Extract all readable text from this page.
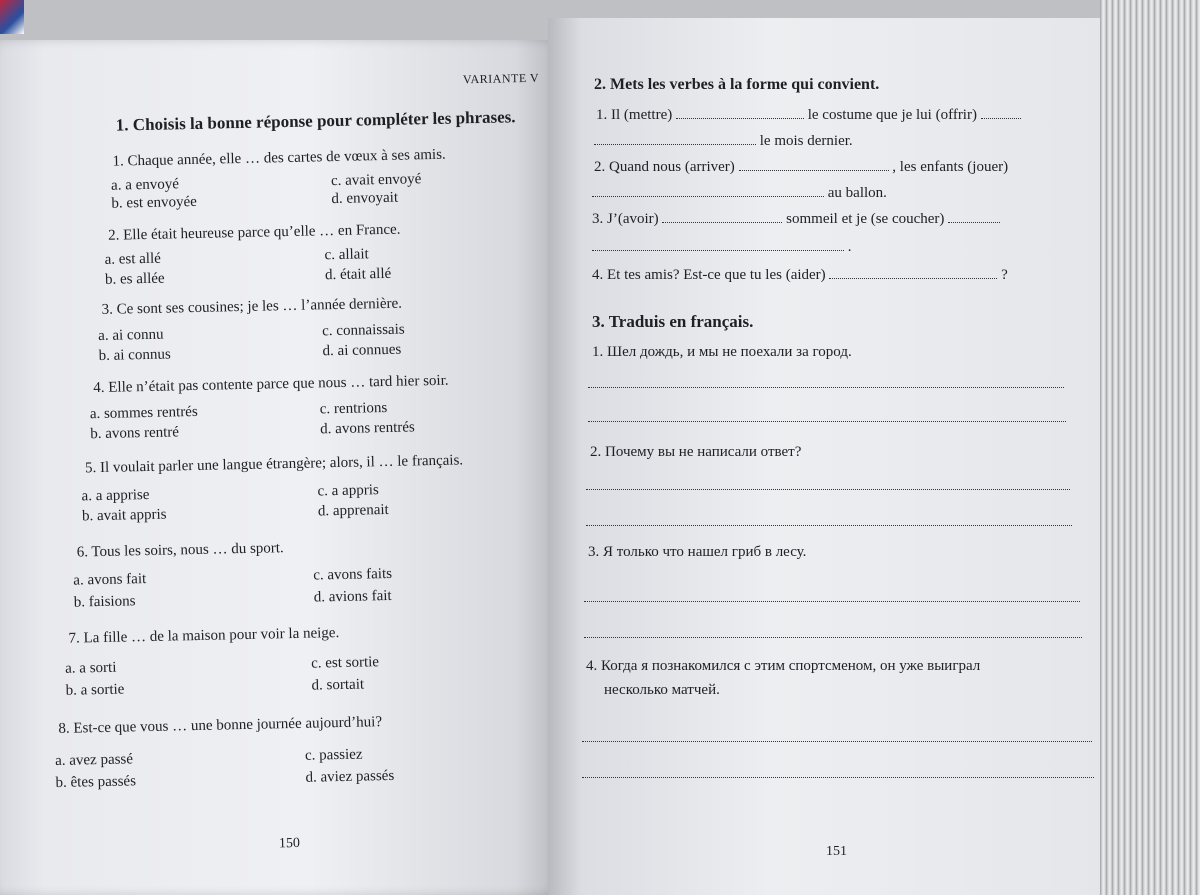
VARIANTE V
1. Choisis la bonne réponse pour compléter les phrases.
1. Chaque année, elle … des cartes de vœux à ses amis.
a. a envoyé
b. est envoyée
c. avait envoyé
d. envoyait
2. Elle était heureuse parce qu’elle … en France.
a. est allé
b. es allée
c. allait
d. était allé
3. Ce sont ses cousines; je les … l’année dernière.
a. ai connu
b. ai connus
c. connaissais
d. ai connues
4. Elle n’était pas contente parce que nous … tard hier soir.
a. sommes rentrés
b. avons rentré
c. rentrions
d. avons rentrés
5. Il voulait parler une langue étrangère; alors, il … le français.
a. a apprise
b. avait appris
c. a appris
d. apprenait
6. Tous les soirs, nous … du sport.
a. avons fait
b. faisions
c. avons faits
d. avions fait
7. La fille … de la maison pour voir la neige.
a. a sorti
b. a sortie
c. est sortie
d. sortait
8. Est-ce que vous … une bonne journée aujourd’hui?
a. avez passé
b. êtes passés
c. passiez
d. aviez passés
150
2. Mets les verbes à la forme qui convient.
1. Il (mettre)	le costume que je lui (offrir)
le mois dernier.
2. Quand nous (arriver)	, les enfants (jouer)
au ballon.
3. J’(avoir)	sommeil et je (se coucher)
.
4. Et tes amis? Est-ce que tu les (aider)	?
3. Traduis en français.
1. Шел дождь, и мы не поехали за город.
2. Почему вы не написали ответ?
3. Я только что нашел гриб в лесу.
4. Когда я познакомился с этим спортсменом, он уже выиграл
несколько матчей.
151
